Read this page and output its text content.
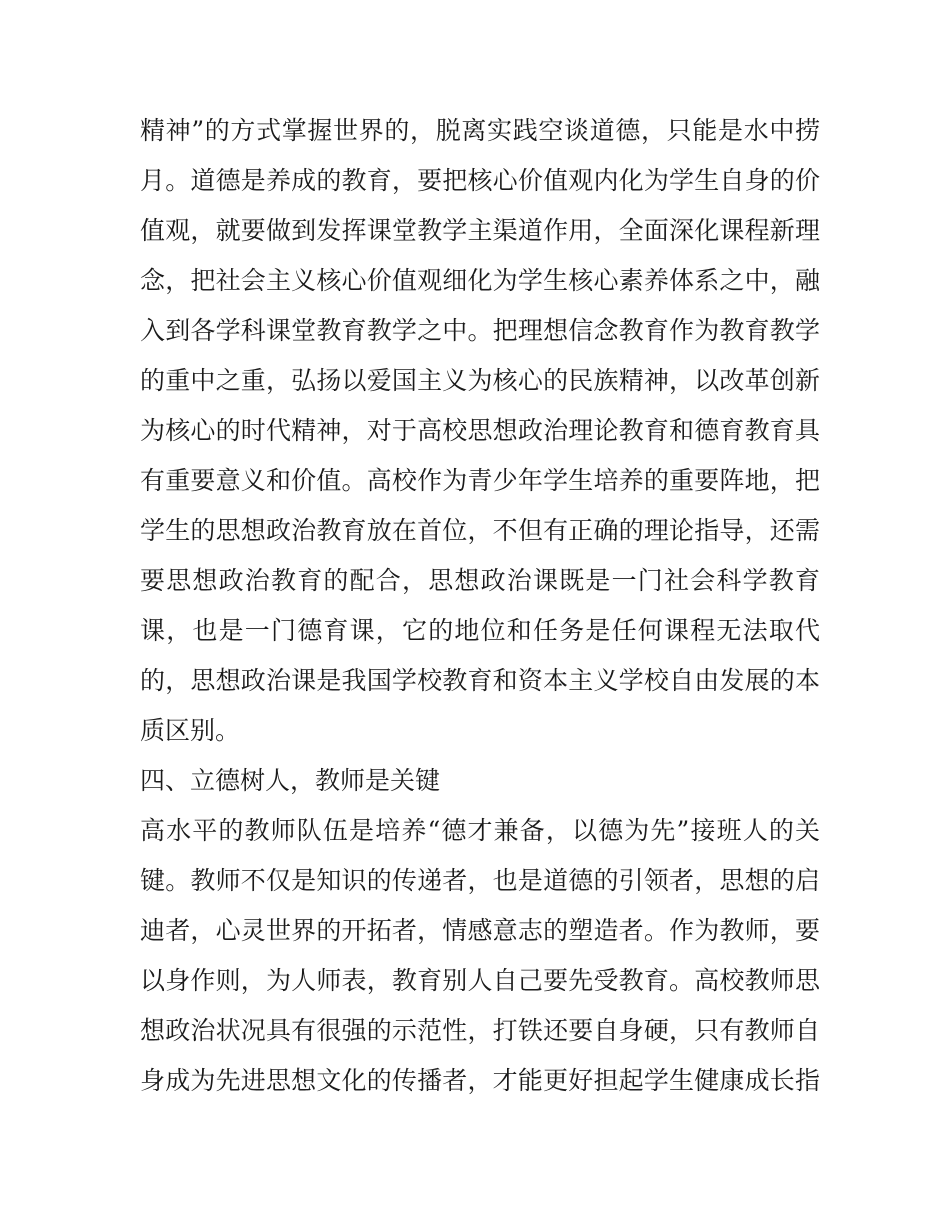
精神”的方式掌握世界的，脱离实践空谈道德，只能是水中捞
月。道德是养成的教育，要把核心价值观内化为学生自身的价
值观，就要做到发挥课堂教学主渠道作用，全面深化课程新理
念，把社会主义核心价值观细化为学生核心素养体系之中，融
入到各学科课堂教育教学之中。把理想信念教育作为教育教学
的重中之重，弘扬以爱国主义为核心的民族精神，以改革创新
为核心的时代精神，对于高校思想政治理论教育和德育教育具
有重要意义和价值。高校作为青少年学生培养的重要阵地，把
学生的思想政治教育放在首位，不但有正确的理论指导，还需
要思想政治教育的配合，思想政治课既是一门社会科学教育
课，也是一门德育课，它的地位和任务是任何课程无法取代
的，思想政治课是我国学校教育和资本主义学校自由发展的本
质区别。
四、立德树人，教师是关键
高水平的教师队伍是培养“德才兼备，以德为先”接班人的关
键。教师不仅是知识的传递者，也是道德的引领者，思想的启
迪者，心灵世界的开拓者，情感意志的塑造者。作为教师，要
以身作则，为人师表，教育别人自己要先受教育。高校教师思
想政治状况具有很强的示范性，打铁还要自身硬，只有教师自
身成为先进思想文化的传播者，才能更好担起学生健康成长指
